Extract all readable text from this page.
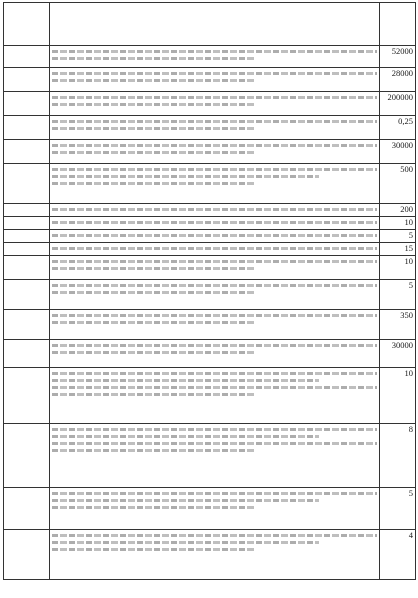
	52000

	28000

	200000

	0,25

	30000

	500

	200

	10

	5

	15

	10

	5

	350

	30000

	10

	8

	5

	4
